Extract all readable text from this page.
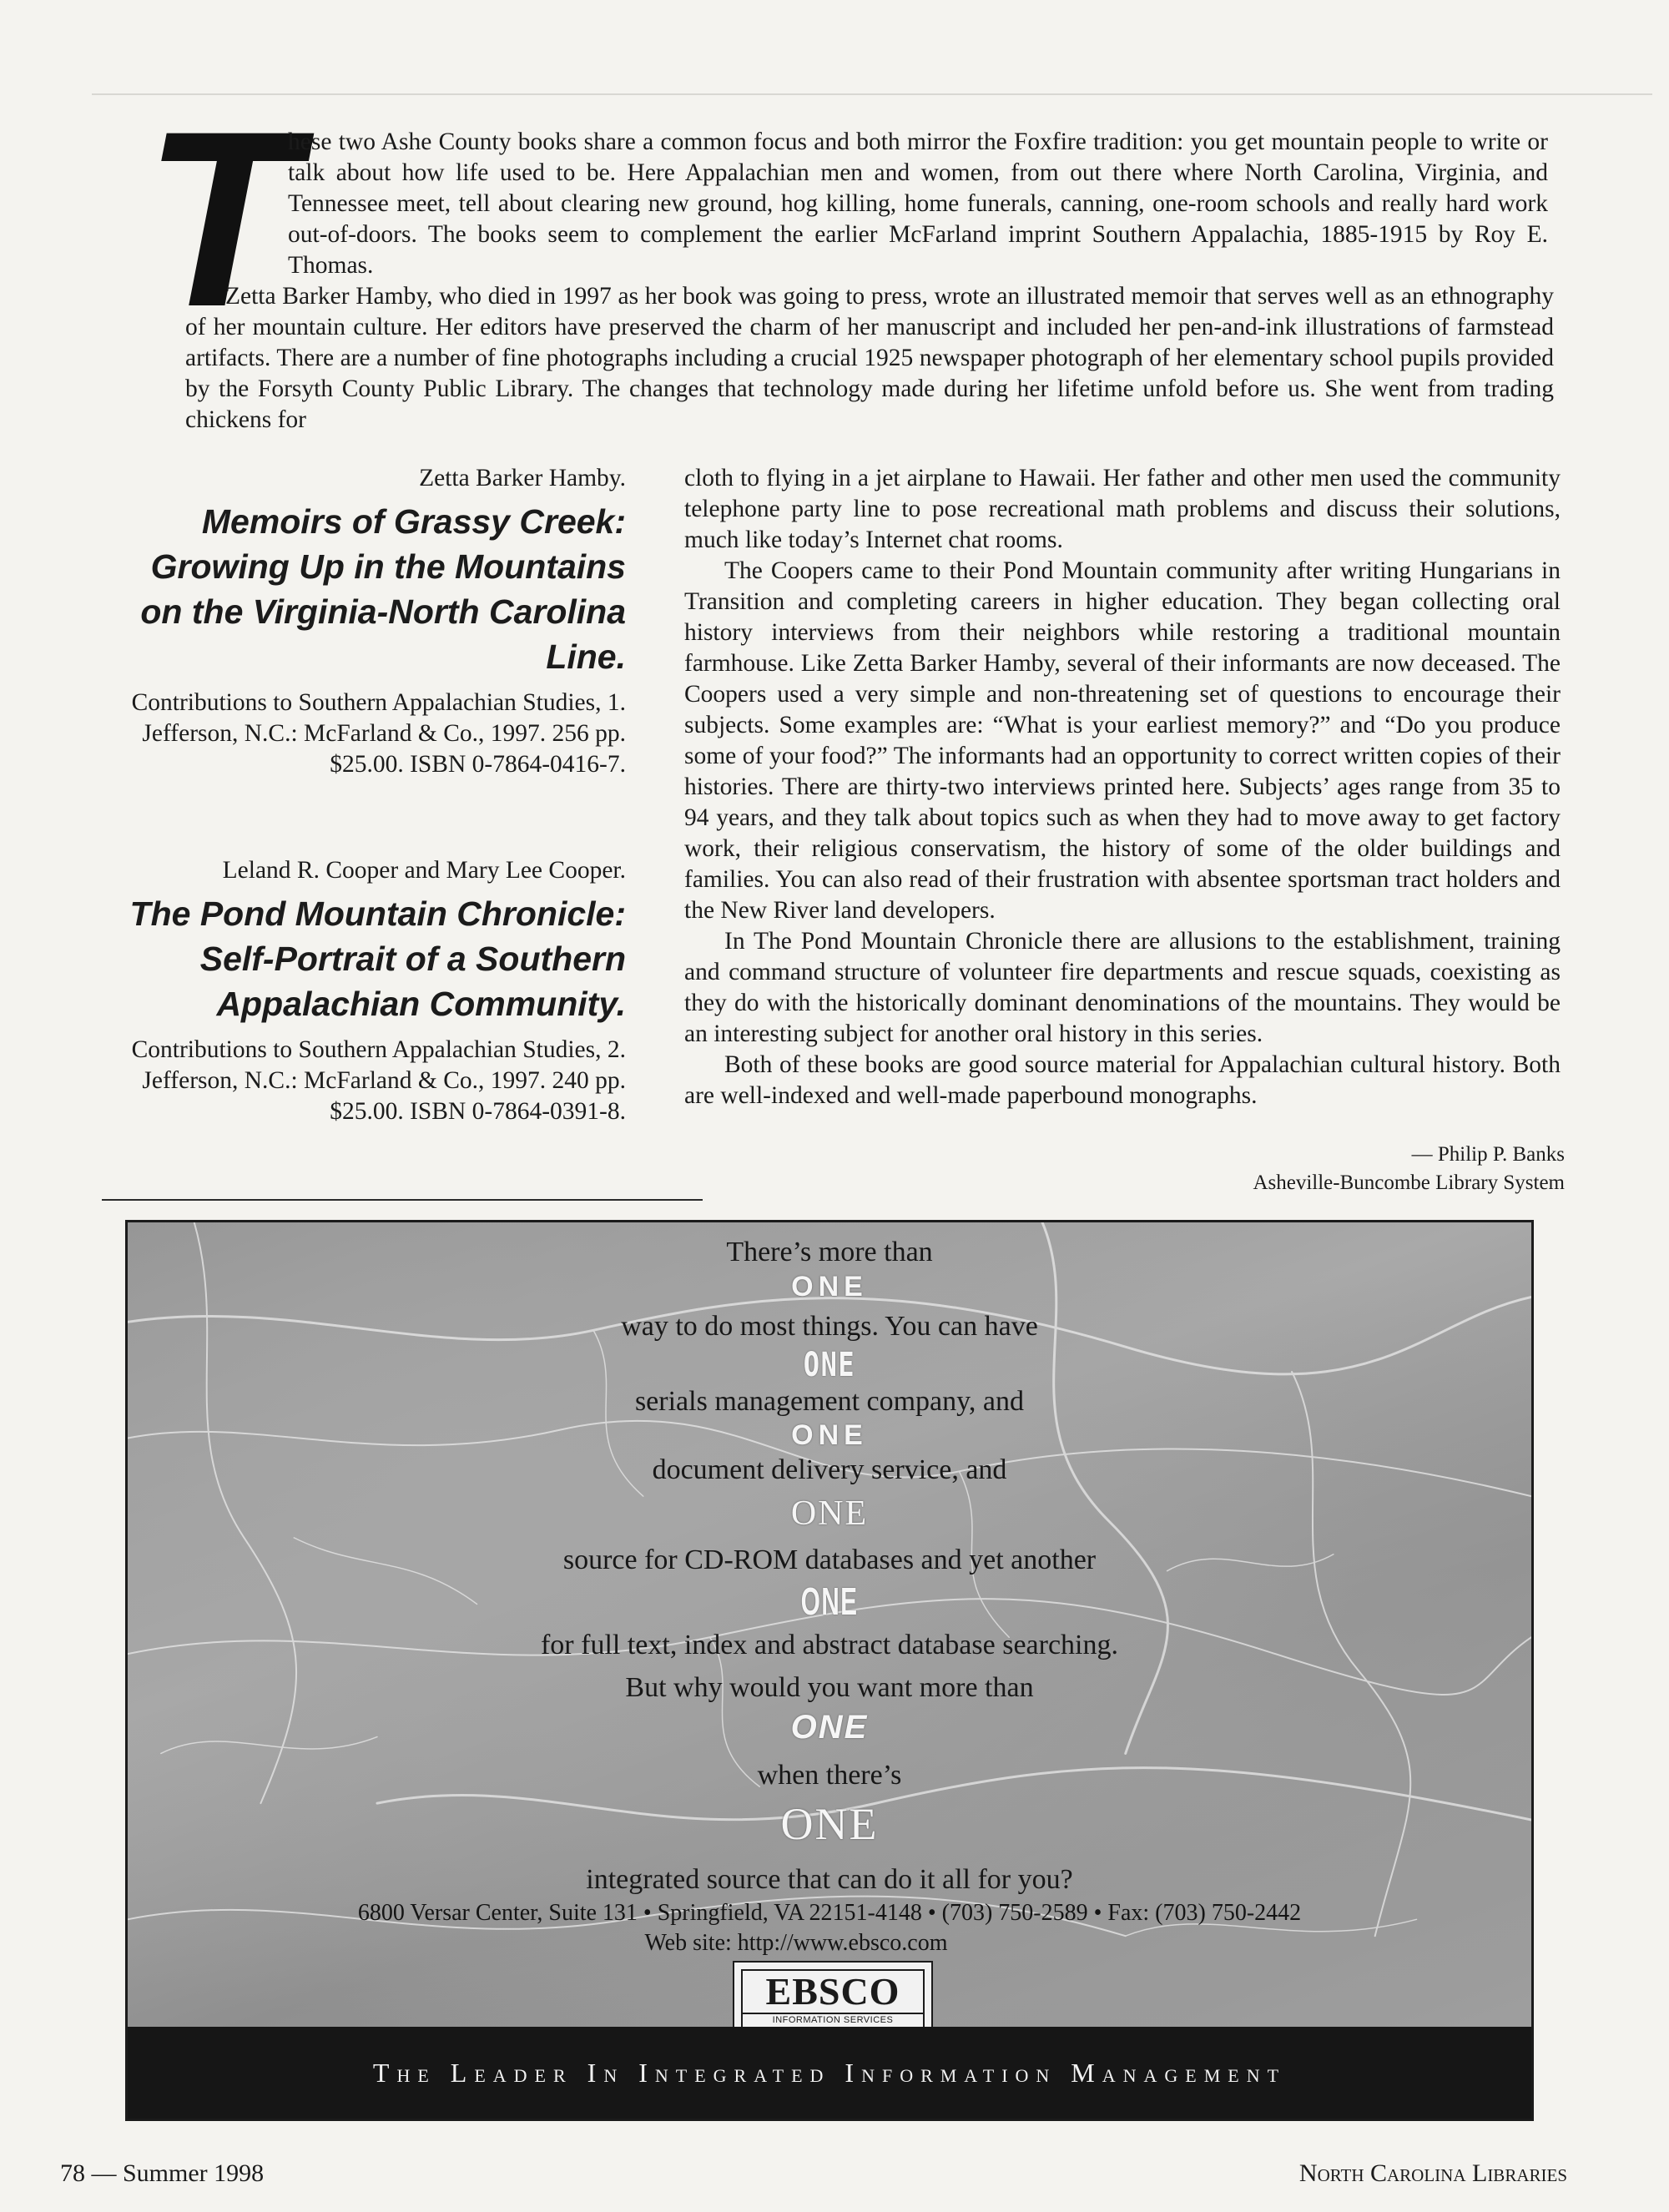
T

hese two Ashe County books share a common focus and both mirror the Foxfire tradition: you get mountain people to write or talk about how life used to be. Here Appalachian men and women, from out there where North Carolina, Virginia, and Tennessee meet, tell about clearing new ground, hog killing, home funerals, canning, one-room schools and really hard work out-of-doors. The books seem to complement the earlier McFarland imprint Southern Appalachia, 1885-1915 by Roy E. Thomas.

Zetta Barker Hamby, who died in 1997 as her book was going to press, wrote an illustrated memoir that serves well as an ethnography of her mountain culture. Her editors have preserved the charm of her manuscript and included her pen-and-ink illustrations of farmstead artifacts. There are a number of fine photographs including a crucial 1925 newspaper photograph of her elementary school pupils provided by the Forsyth County Public Library. The changes that technology made during her lifetime unfold before us. She went from trading chickens for

Zetta Barker Hamby.
Memoirs of Grassy Creek: Growing Up in the Mountains on the Virginia-North Carolina Line.
Contributions to Southern Appalachian Studies, 1. Jefferson, N.C.: McFarland & Co., 1997. 256 pp. $25.00. ISBN 0-7864-0416-7.
Leland R. Cooper and Mary Lee Cooper.
The Pond Mountain Chronicle: Self-Portrait of a Southern Appalachian Community.
Contributions to Southern Appalachian Studies, 2. Jefferson, N.C.: McFarland & Co., 1997. 240 pp. $25.00. ISBN 0-7864-0391-8.

cloth to flying in a jet airplane to Hawaii. Her father and other men used the community telephone party line to pose recreational math problems and discuss their solutions, much like today’s Internet chat rooms.

The Coopers came to their Pond Mountain community after writing Hungarians in Transition and completing careers in higher education. They began collecting oral history interviews from their neighbors while restoring a traditional mountain farmhouse. Like Zetta Barker Hamby, several of their informants are now deceased. The Coopers used a very simple and non-threatening set of questions to encourage their subjects. Some examples are: “What is your earliest memory?” and “Do you produce some of your food?” The informants had an opportunity to correct written copies of their histories. There are thirty-two interviews printed here. Subjects’ ages range from 35 to 94 years, and they talk about topics such as when they had to move away to get factory work, their religious conservatism, the history of some of the older buildings and families. You can also read of their frustration with absentee sportsman tract holders and the New River land developers.

In The Pond Mountain Chronicle there are allusions to the establishment, training and command structure of volunteer fire departments and rescue squads, coexisting as they do with the historically dominant denominations of the mountains. They would be an interesting subject for another oral history in this series.

Both of these books are good source material for Appalachian cultural history. Both are well-indexed and well-made paperbound monographs.

— Philip P. Banks
Asheville-Buncombe Library System
There’s more than
ONE
way to do most things. You can have
ONE
serials management company, and
ONE
document delivery service, and
ONE
source for CD-ROM databases and yet another
ONE
for full text, index and abstract database searching.
But why would you want more than
ONE
when there’s
ONE
integrated source that can do it all for you?
6800 Versar Center, Suite 131 • Springfield, VA 22151-4148 • (703) 750-2589 • Fax: (703) 750-2442
Web site: http://www.ebsco.com
EBSCO
INFORMATION SERVICES
The Leader In Integrated Information Management
78 — Summer 1998	North Carolina Libraries
